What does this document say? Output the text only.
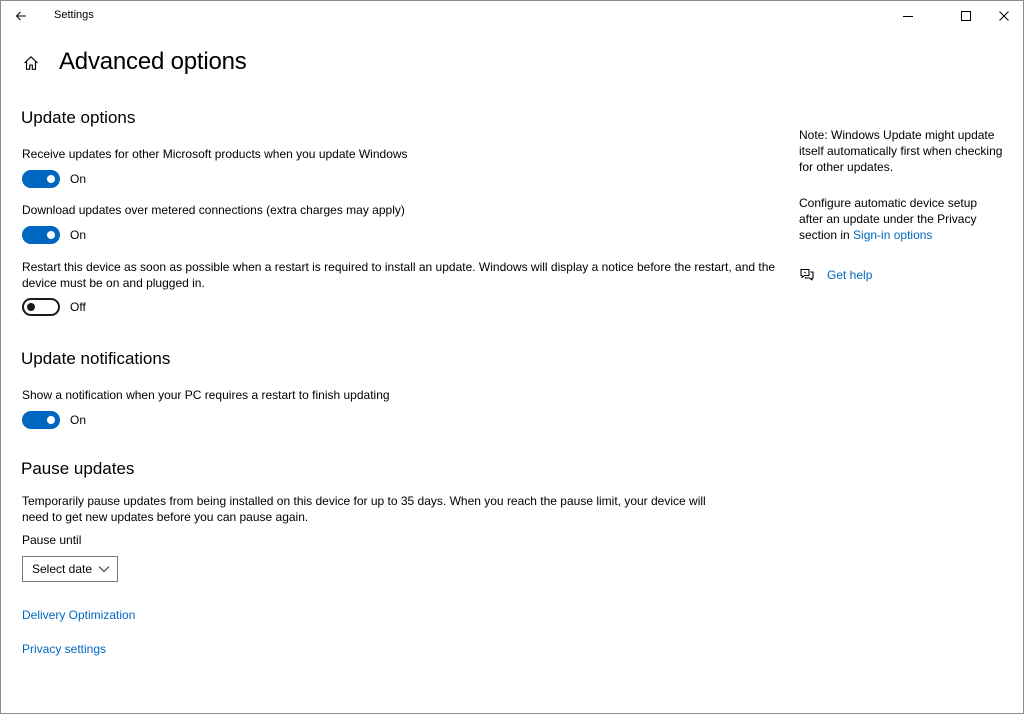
Settings
Advanced options
Update options
Receive updates for other Microsoft products when you update Windows
On
Download updates over metered connections (extra charges may apply)
On
Restart this device as soon as possible when a restart is required to install an update. Windows will display a notice before the restart, and the
device must be on and plugged in.
Off
Update notifications
Show a notification when your PC requires a restart to finish updating
On
Pause updates
Temporarily pause updates from being installed on this device for up to 35 days. When you reach the pause limit, your device will
need to get new updates before you can pause again.
Pause until
Select date
Delivery Optimization
Privacy settings
Note: Windows Update might update
itself automatically first when checking
for other updates.
Configure automatic device setup
after an update under the Privacy
section in Sign-in options
Get help
